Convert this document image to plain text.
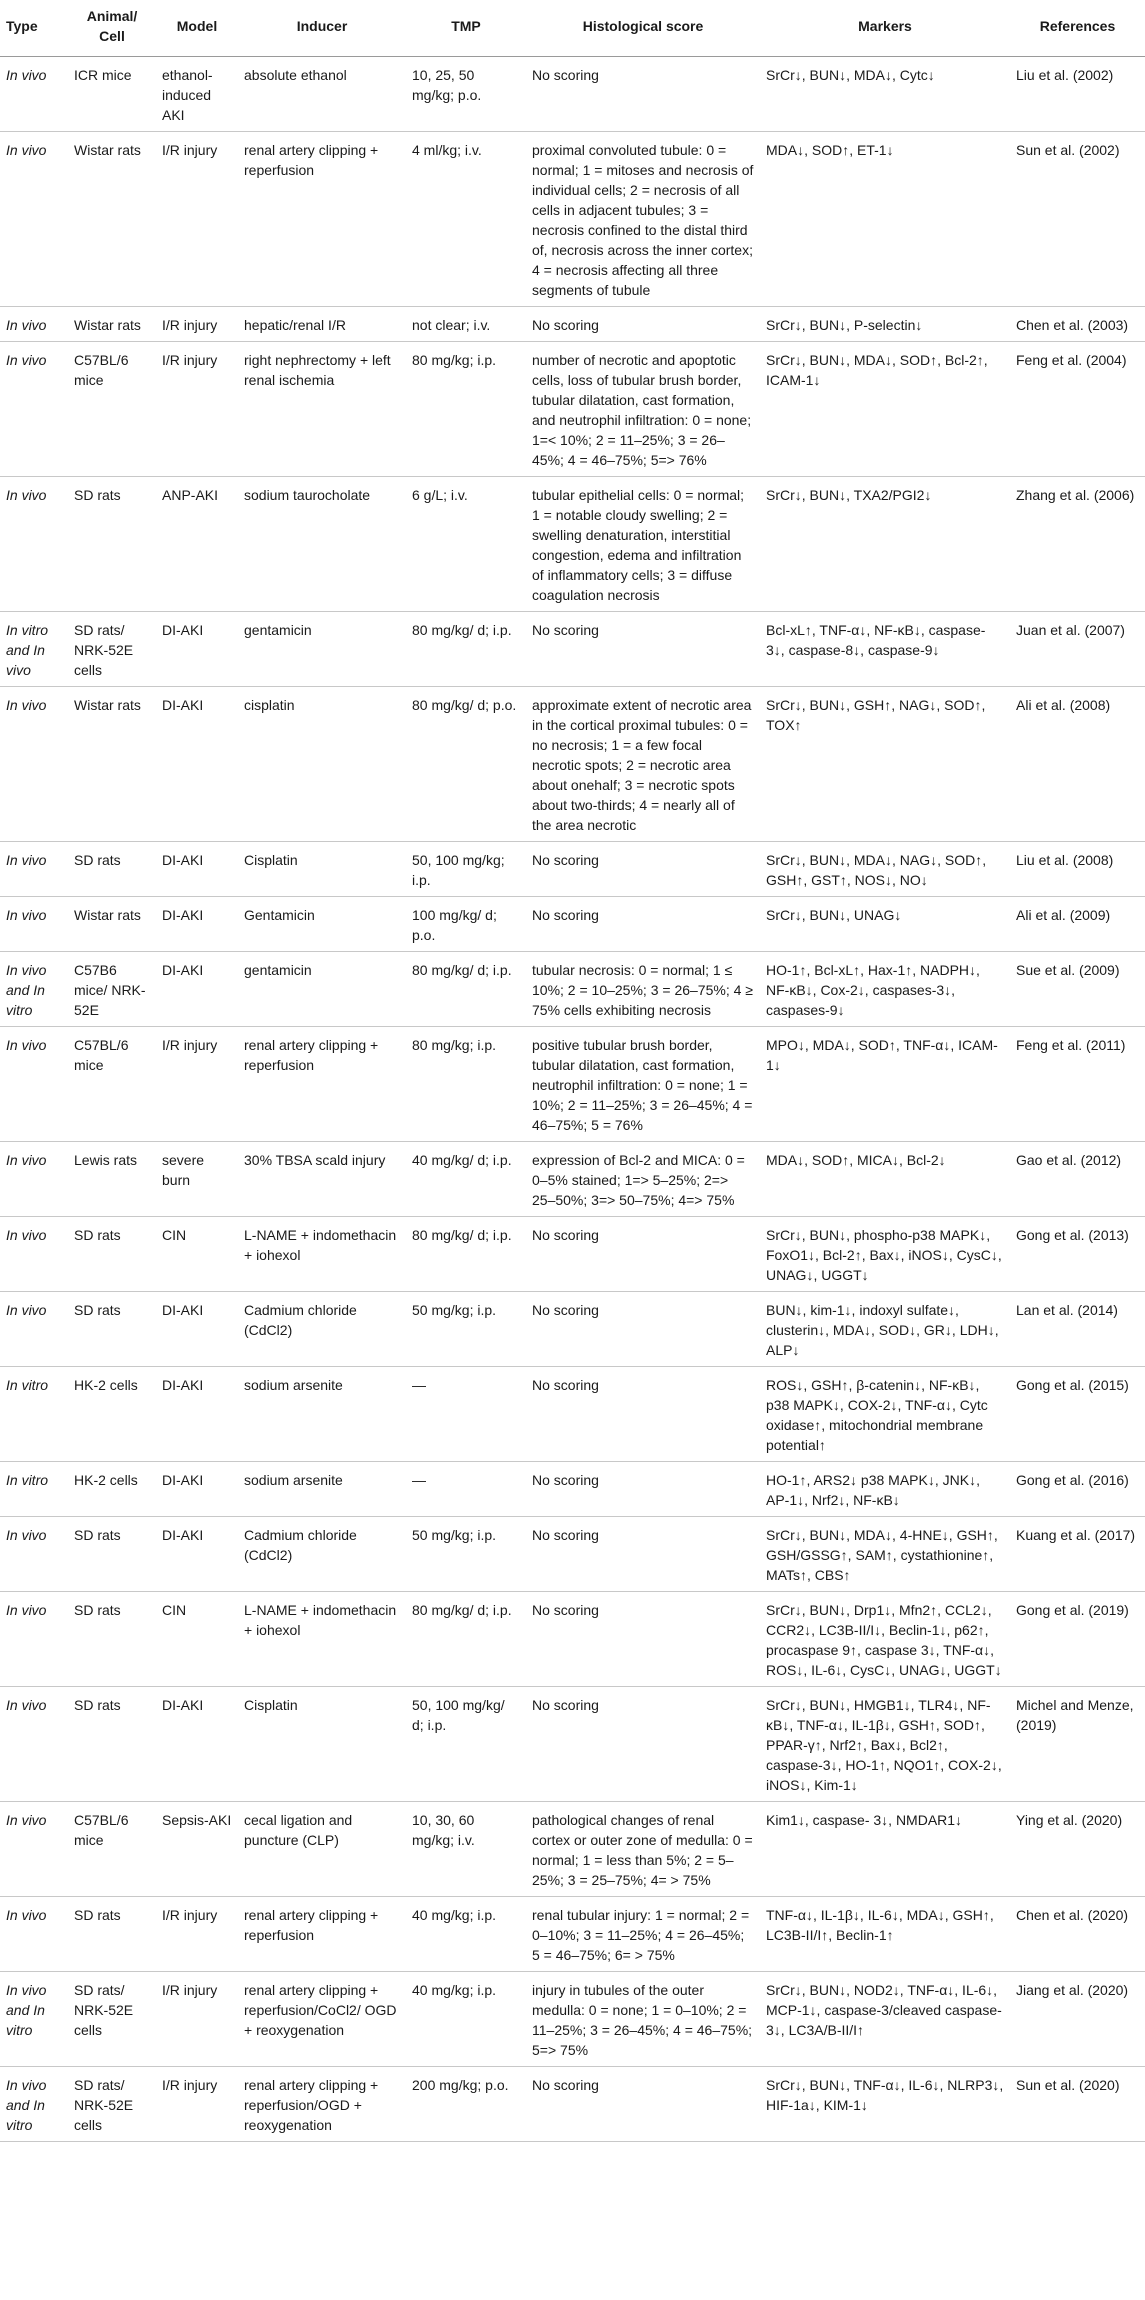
Type	Animal/ Cell	Model	Inducer	TMP	Histological score	Markers	References
In vivo	ICR mice	ethanol-induced AKI	absolute ethanol	10, 25, 50 mg/kg; p.o.	No scoring	SrCr↓, BUN↓, MDA↓, Cytc↓	Liu et al. (2002)
In vivo	Wistar rats	I/R injury	renal artery clipping + reperfusion	4 ml/kg; i.v.	proximal convoluted tubule: 0 = normal; 1 = mitoses and necrosis of individual cells; 2 = necrosis of all cells in adjacent tubules; 3 = necrosis confined to the distal third of, necrosis across the inner cortex; 4 = necrosis affecting all three segments of tubule	MDA↓, SOD↑, ET-1↓	Sun et al. (2002)
In vivo	Wistar rats	I/R injury	hepatic/renal I/R	not clear; i.v.	No scoring	SrCr↓, BUN↓, P-selectin↓	Chen et al. (2003)
In vivo	C57BL/6 mice	I/R injury	right nephrectomy + left renal ischemia	80 mg/kg; i.p.	number of necrotic and apoptotic cells, loss of tubular brush border, tubular dilatation, cast formation, and neutrophil infiltration: 0 = none; 1=< 10%; 2 = 11–25%; 3 = 26–45%; 4 = 46–75%; 5=> 76%	SrCr↓, BUN↓, MDA↓, SOD↑, Bcl-2↑, ICAM-1↓	Feng et al. (2004)
In vivo	SD rats	ANP-AKI	sodium taurocholate	6 g/L; i.v.	tubular epithelial cells: 0 = normal; 1 = notable cloudy swelling; 2 = swelling denaturation, interstitial congestion, edema and infiltration of inflammatory cells; 3 = diffuse coagulation necrosis	SrCr↓, BUN↓, TXA2/PGI2↓	Zhang et al. (2006)
In vitro and In vivo	SD rats/ NRK-52E cells	DI-AKI	gentamicin	80 mg/kg/ d; i.p.	No scoring	Bcl-xL↑, TNF-α↓, NF-κB↓, caspase-3↓, caspase-8↓, caspase-9↓	Juan et al. (2007)
In vivo	Wistar rats	DI-AKI	cisplatin	80 mg/kg/ d; p.o.	approximate extent of necrotic area in the cortical proximal tubules: 0 = no necrosis; 1 = a few focal necrotic spots; 2 = necrotic area about onehalf; 3 = necrotic spots about two-thirds; 4 = nearly all of the area necrotic	SrCr↓, BUN↓, GSH↑, NAG↓, SOD↑, TOX↑	Ali et al. (2008)
In vivo	SD rats	DI-AKI	Cisplatin	50, 100 mg/kg; i.p.	No scoring	SrCr↓, BUN↓, MDA↓, NAG↓, SOD↑, GSH↑, GST↑, NOS↓, NO↓	Liu et al. (2008)
In vivo	Wistar rats	DI-AKI	Gentamicin	100 mg/kg/ d; p.o.	No scoring	SrCr↓, BUN↓, UNAG↓	Ali et al. (2009)
In vivo and In vitro	C57B6 mice/ NRK-52E	DI-AKI	gentamicin	80 mg/kg/ d; i.p.	tubular necrosis: 0 = normal; 1 ≤ 10%; 2 = 10–25%; 3 = 26–75%; 4 ≥ 75% cells exhibiting necrosis	HO-1↑, Bcl-xL↑, Hax-1↑, NADPH↓, NF-κB↓, Cox-2↓, caspases-3↓, caspases-9↓	Sue et al. (2009)
In vivo	C57BL/6 mice	I/R injury	renal artery clipping + reperfusion	80 mg/kg; i.p.	positive tubular brush border, tubular dilatation, cast formation, neutrophil infiltration: 0 = none; 1 = 10%; 2 = 11–25%; 3 = 26–45%; 4 = 46–75%; 5 = 76%	MPO↓, MDA↓, SOD↑, TNF-α↓, ICAM-1↓	Feng et al. (2011)
In vivo	Lewis rats	severe burn	30% TBSA scald injury	40 mg/kg/ d; i.p.	expression of Bcl-2 and MICA: 0 = 0–5% stained; 1=> 5–25%; 2=> 25–50%; 3=> 50–75%; 4=> 75%	MDA↓, SOD↑, MICA↓, Bcl-2↓	Gao et al. (2012)
In vivo	SD rats	CIN	L-NAME + indomethacin + iohexol	80 mg/kg/ d; i.p.	No scoring	SrCr↓, BUN↓, phospho-p38 MAPK↓, FoxO1↓, Bcl-2↑, Bax↓, iNOS↓, CysC↓, UNAG↓, UGGT↓	Gong et al. (2013)
In vivo	SD rats	DI-AKI	Cadmium chloride (CdCl2)	50 mg/kg; i.p.	No scoring	BUN↓, kim-1↓, indoxyl sulfate↓, clusterin↓, MDA↓, SOD↓, GR↓, LDH↓, ALP↓	Lan et al. (2014)
In vitro	HK-2 cells	DI-AKI	sodium arsenite	—	No scoring	ROS↓, GSH↑, β-catenin↓, NF-κB↓, p38 MAPK↓, COX-2↓, TNF-α↓, Cytc oxidase↑, mitochondrial membrane potential↑	Gong et al. (2015)
In vitro	HK-2 cells	DI-AKI	sodium arsenite	—	No scoring	HO-1↑, ARS2↓ p38 MAPK↓, JNK↓, AP-1↓, Nrf2↓, NF-κB↓	Gong et al. (2016)
In vivo	SD rats	DI-AKI	Cadmium chloride (CdCl2)	50 mg/kg; i.p.	No scoring	SrCr↓, BUN↓, MDA↓, 4-HNE↓, GSH↑, GSH/GSSG↑, SAM↑, cystathionine↑, MATs↑, CBS↑	Kuang et al. (2017)
In vivo	SD rats	CIN	L-NAME + indomethacin + iohexol	80 mg/kg/ d; i.p.	No scoring	SrCr↓, BUN↓, Drp1↓, Mfn2↑, CCL2↓, CCR2↓, LC3B-II/I↓, Beclin-1↓, p62↑, procaspase 9↑, caspase 3↓, TNF-α↓, ROS↓, IL-6↓, CysC↓, UNAG↓, UGGT↓	Gong et al. (2019)
In vivo	SD rats	DI-AKI	Cisplatin	50, 100 mg/kg/ d; i.p.	No scoring	SrCr↓, BUN↓, HMGB1↓, TLR4↓, NF-κB↓, TNF-α↓, IL-1β↓, GSH↑, SOD↑, PPAR-γ↑, Nrf2↑, Bax↓, Bcl2↑, caspase-3↓, HO-1↑, NQO1↑, COX-2↓, iNOS↓, Kim-1↓	Michel and Menze, (2019)
In vivo	C57BL/6 mice	Sepsis-AKI	cecal ligation and puncture (CLP)	10, 30, 60 mg/kg; i.v.	pathological changes of renal cortex or outer zone of medulla: 0 = normal; 1 = less than 5%; 2 = 5–25%; 3 = 25–75%; 4= > 75%	Kim1↓, caspase- 3↓, NMDAR1↓	Ying et al. (2020)
In vivo	SD rats	I/R injury	renal artery clipping + reperfusion	40 mg/kg; i.p.	renal tubular injury: 1 = normal; 2 = 0–10%; 3 = 11–25%; 4 = 26–45%; 5 = 46–75%; 6= > 75%	TNF-α↓, IL-1β↓, IL-6↓, MDA↓, GSH↑, LC3B-II/I↑, Beclin-1↑	Chen et al. (2020)
In vivo and In vitro	SD rats/ NRK-52E cells	I/R injury	renal artery clipping + reperfusion/CoCl2/ OGD + reoxygenation	40 mg/kg; i.p.	injury in tubules of the outer medulla: 0 = none; 1 = 0–10%; 2 = 11–25%; 3 = 26–45%; 4 = 46–75%; 5=> 75%	SrCr↓, BUN↓, NOD2↓, TNF-α↓, IL-6↓, MCP-1↓, caspase-3/cleaved caspase-3↓, LC3A/B-II/I↑	Jiang et al. (2020)
In vivo and In vitro	SD rats/ NRK-52E cells	I/R injury	renal artery clipping + reperfusion/OGD + reoxygenation	200 mg/kg; p.o.	No scoring	SrCr↓, BUN↓, TNF-α↓, IL-6↓, NLRP3↓, HIF-1a↓, KIM-1↓	Sun et al. (2020)
